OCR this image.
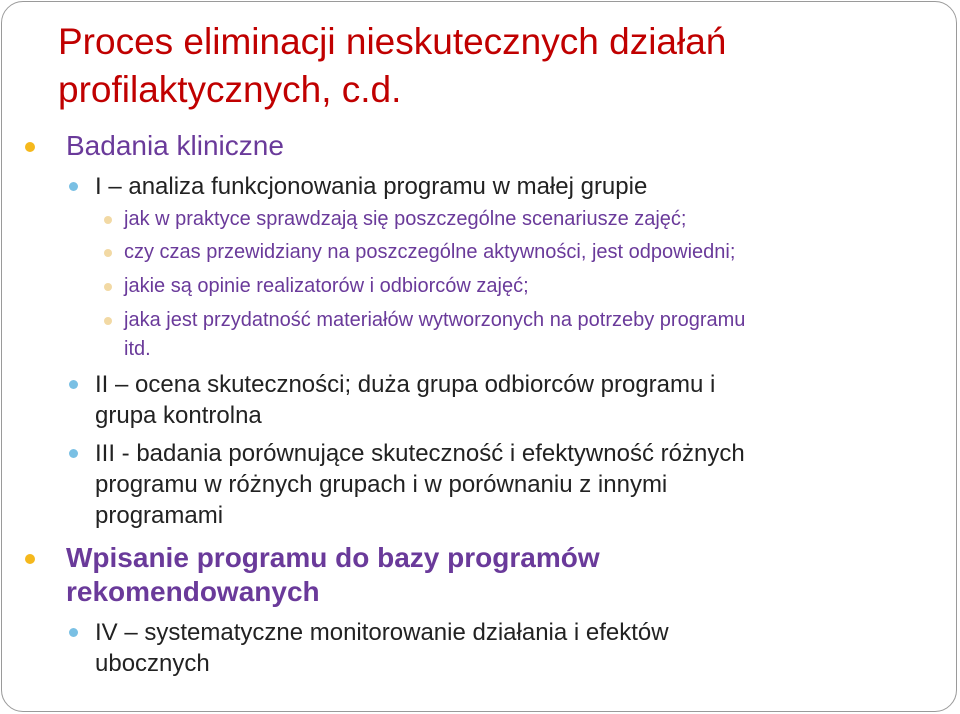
Proces eliminacji nieskutecznych działań
profilaktycznych, c.d.
Badania kliniczne
I – analiza funkcjonowania programu w małej grupie
jak w praktyce sprawdzają się poszczególne scenariusze zajęć;
czy czas przewidziany na poszczególne aktywności, jest odpowiedni;
jakie są opinie realizatorów i odbiorców zajęć;
jaka jest przydatność materiałów wytworzonych na potrzeby programu
itd.
II – ocena skuteczności; duża grupa odbiorców programu i
grupa kontrolna
III - badania porównujące skuteczność i efektywność różnych
programu w różnych grupach i w porównaniu z innymi
programami
Wpisanie programu do bazy programów
rekomendowanych
IV – systematyczne monitorowanie działania i efektów
ubocznych
